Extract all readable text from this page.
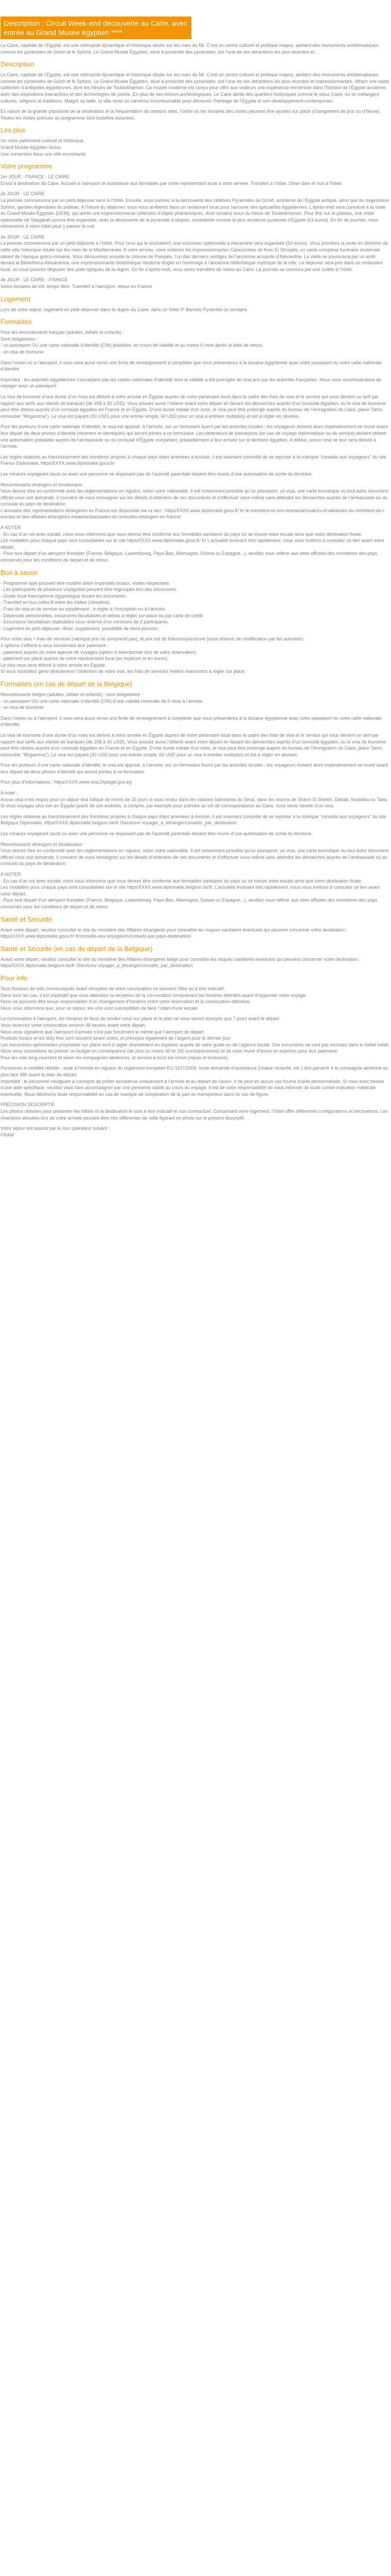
Description : Circuit Week-end découverte au Caire, avec entrée au Grand Musée égyptien ****
Le Caire, capitale de l’Égypte, est une métropole dynamique et historique située sur les rives du Nil. C’est un centre culturel et politique majeur, abritant des monuments emblématiques comme les pyramides de Gizeh et le Sphinx. Le Grand Musée Égyptien, situé à proximité des pyramides, est l’une de ses attractions les plus récentes et...
Description
Le Caire, capitale de l’Égypte, est une métropole dynamique et historique située sur les rives du Nil. C’est un centre culturel et politique majeur, abritant des monuments emblématiques comme les pyramides de Gizeh et le Sphinx. Le Grand Musée Égyptien, situé à proximité des pyramides, est l’une de ses attractions les plus récentes et impressionnantes, offrant une vaste collection d’antiquités égyptiennes, dont les trésors de Toutânkhamon. Ce musée moderne est conçu pour offrir aux visiteurs une expérience immersive dans l’histoire de l’Égypte ancienne, avec des expositions interactives et des technologies de pointe. En plus de ses trésors archéologiques, Le Caire abrite des quartiers historiques comme le vieux Caire, ou se mélangent cultures, religions et traditions. Malgré sa taille, la ville reste un carrefour incontournable pour découvrir l’héritage de l’Égypte et son développement contemporain.
En raison de la grande popularité de la destination et la fréquentation de certains sites, l’ordre ou les horaires des visites peuvent être ajustés sur place (changement de jour ou d’heure). Toutes les visites prévues au programme sont toutefois assurées.
Les plus
Un riche patrimoine culturel et historique
Grand Musée égyptien inclus
Une immersion dans une ville envoûtante
Votre programme
1er JOUR : FRANCE - LE CAIRE
Envol à destination du Caire. Accueil à l’aéroport et assistance aux formalités par notre représentant local à votre arrivée. Transfert à l’hôtel. Dîner libre et nuit à l’hôtel.
2e JOUR : LE CAIRE
La journée commencera par un petit-déjeuner servi à l’hôtel. Ensuite, vous partirez à la découverte des célèbres Pyramides de Gizeh, emblème de l’Égypte antique, ainsi que du majestueux Sphinx, gardien légendaire du plateau. A l’heure du déjeuner, vous vous arrêterez dans un restaurant local pour savourer des spécialités égyptiennes. L’après-midi sera consacré à la visite du Grand Musée Égyptien (GEM), qui abrite une impressionnante collection d’objets pharaoniques, dont certains issus du trésor de Toutankhamon. Pour finir sur le plateau, une visite optionnelle de Saqqarah pourra être organisée, avec la découverte de la pyramide à degrés, considérée comme la plus ancienne pyramide d’Egypte (63 euros). En fin de journée, vous retournerez à votre hôtel pour y passer la nuit.
3e JOUR : LE CAIRE
La journée commencera par un petit-déjeuner à l’hôtel. Pour ceux qui le souhaitent, une excursion optionnelle à Alexandrie sera organisée (53 euros). Vous prendrez la route en direction de cette ville historique située sur les rives de la Méditerranée. A votre arrivée, vous visiterez les impressionnantes Catacombes de Kom El Shoqafa, un vaste complexe funéraire souterrain datant de l’époque gréco-romaine. Vous découvrirez ensuite la colonne de Pompée, l’un des derniers vestiges de l’ancienne acropole d’Alexandrie. La visite se poursuivra par un arrêt devant la Bibliotheca Alexandrina, une impressionnante bibliothèque moderne érigée en hommage à l’ancienne bibliothèque mythique de la ville. Le déjeuner sera pris dans un restaurant local, où vous pourrez déguster des plats typiques de la région. En fin d’après-midi, vous serez transféré de retour au Caire. La journée se conclura par une nuitée à l’hôtel.
4e JOUR : LE CAIRE - FRANCE
Selon horaires de vol, temps libre. Transfert à l’aéroport, retour en France.
Logement
Lors de votre séjour, logement en petit-déjeuner dans la région du Caire, dans un hôtel 4* Barcelo Pyramids ou similaire.
Formalités
Pour les ressortissants français (adultes, bébés et enfants) :
Sont obligatoires :
- un passeport OU une carte nationale d’identité (CNI) plastifiée, en cours de validité et au moins 6 mois après la date de retour,
- un visa de tourisme
Dans l’onion où a l’aéroport, il vous sera aussi remis une fiche de renseignement à compléter que vous présenterez à la douane égyptienne avec votre passeport ou votre carte nationale d’identité.
Important : les autorités égyptiennes n’acceptent pas les cartes nationales d’identité dont la validité a été prorogée de cinq ans par les autorités françaises. Nous vous recommandons de voyager avec un passeport.
Le visa de tourisme d’une durée d’un mois est délivré à votre arrivée en Égypte auprès de notre partenaire local dans le cadre des frais de visa et le service qui vous dévient un tarif par rapport aux tarifs aux stands de banques (de 25$ à 30 USD). Vous pouvez aussi l’obtenir avant votre départ en faisant les démarches auprès d’un consulat égyptien, ou le visa de tourisme peut être obtenu auprès d’un consulat égyptien en France et en Égypte. D’une durée initiale d’un mois, le visa peut être prolongé auprès du bureau de l’Immigration du Caire, place Tahrir, immeuble "Mogamma"). Le visa est payant (30 USD) pour une entrée simple, 60 USD pour un visa à entrées multiples) et est à régler en devises.
Pour les porteurs d’une carte nationale d’identité, le visa est apposé, à l’arrivée, sur un formulaire fourni par les autorités locales ; les voyageurs doivent alors impérativement se munir avant leur départ de deux photos d’identité (récentes et identiques) qui seront jointes à ce formulaire. Les détenteurs de passeports (en cas de voyage diplomatique ou de service) doivent obtenir une autorisation préalable auprès de l’ambassade ou du consulat d’Égypte compétent, préalablement à leur arrivée sur le territoire égyptien. A défaut, aucun visa ne leur sera délivré à l’arrivée.
Les règles relatives au franchissement des frontières propres à chaque pays étant amenées à évoluer, il est vivement conseillé de se reporter à la rubrique "conseils aux voyageurs" du site France Diplomatie, https/XXXX.www.diplomatie.gouv.fr/
Les mineurs voyageant seuls ou avec une personne ne disposant pas de l’autorité parentale doivent être munis d’une autorisation de sortie du territoire.
Ressortissants étrangers et binationaux :
Vous devrez être en conformité avec les réglementations en vigueur, selon votre nationalité. Il est notamment possible qu’un passeport, un visa, une carte touristique ou tout autre document officiel vous soit demandé. Il convient de vous renseigner sur les détails d’obtention de ces documents et d’effectuer vous-même sans attendre les démarches auprès de l’ambassade ou du consulat du pays de destination.
L’annuaire des représentations étrangères en France est disponible via ce lien : https/XXXX.www.diplomatie.gouv.fr/ fr/ le-ministere-et-son-reseau/annuaires-et-adresses-du-ministere-de-l-europe-et-des-affaires-etrangeres-meae/ambassades-et-consulats-etrangers-en-france/
A NOTER
- En cas d’un vol avec escale, nous vous informons que vous devrez être conforme aux formalités sanitaires du pays où se trouve votre escale ainsi que votre destination finale.
Les modalités pour chaque pays sont consultables sur le site https/XXXX.www.diplomatie.gouv.fr/ fr/ L’actualité évoluant très rapidement, nous vous invitons à consulter ce lien avant votre départ.
- Pour tout départ d’un aéroport frontalier (France, Belgique, Luxembourg, Pays-Bas, Allemagne, Suisse ou Espagne...), veuillez vous référer aux sites officiels des ministères des pays concernés pour les conditions de départ et de retour.
Bon à savoir
- Programme type pouvant être modifié selon impératifs locaux, visites respectées.
- Les participants de plusieurs voyagistes peuvent être regroupés lors des excursions.
- Guide local francophone égyptologue durant les excursions.
- Transfert en bus collectif entre les visites (climatisé).
- Frais de visa et de service ou supplément : à régler à l’inscription ou à l’arrivée.
- Dépenses personnelles, excursions facultatives et extras à régler sur place ou par carte de crédit.
- Excursions facultatives réalisables sous réserve d’un minimum de 2 participants.
- Logement en petit-déjeuner, dîner, supplément, possibilité de demi-pension.
Pour votre visa + frais de services (rabrique prix ne comprend pas), le prix est de 60euros/personne (sous réserve de modification par les autorités).
2 options s’offrent à vous concernant leur paiement :
- paiement auprès de votre agence de voyages (option d sélectionner lors de votre réservation)
- paiement sur place auprès de notre représentant local (en espèces et en euros).
Le visa vous sera délivré à votre arrivée en Égypte.
Si vous souhaitez gérer directement l’obtention de votre visa, les frais de services restent néanmoins à régler sur place.
Formalités (en cas de départ de la Belgique)
Ressortissants belges (adultes, bébés et enfants) : sont obligatoires :
- un passeport OU une carte nationale d’identité (CNI) d’une validité minimale de 6 mois à l’arrivée
- un visa de tourisme
Dans l’onion ou à l’aéroport, il vous sera aussi remis une fiche de renseignement à compléter que vous présenterez à la douane égyptienne avec votre passeport ou votre carte nationale d’identité.
Le visa de tourisme d’une durée d’un mois est délivré à votre arrivée en Égypte auprès de notre partenaire local dans le cadre des frais de visa et le service qui vous dévient un tarif par rapport aux tarifs aux stands de banques (de 25$ à 30 USD). Vous pouvez aussi l’obtenir avant votre départ en faisant les démarches auprès d’un consulat égyptien, ou le visa de tourisme peut être obtenu auprès d’un consulat égyptien en France et en Égypte. D’une durée initiale d’un mois, le visa peut être prolongé auprès du bureau de l’Immigration du Caire, place Tahrir, immeuble "Mogamma"). Le visa est payant (30 USD pour une entrée simple, 60 USD pour un visa à entrées multiples) et est à régler en devises.
Pour les porteurs d’une carte nationale d’identité, le visa est apposé, à l’arrivée, sur un formulaire fourni par les autorités locales ; les voyageurs doivent alors impérativement se munir avant leur départ de deux photos d’identité qui seront jointes à ce formulaire.
Pour plus d’informations : https/XXXX.www.visa.Diplogel.gov.eg
A noter :
Aucun visa n’est requis pour un séjour tout Infique de moins de 15 jours si vous restez dans les stations balnéaires du Sinaï, dans les resorts de Sharm El Sheikh, Dahab, Nuweiba ou Taba.
Si vous voyagez plus loin en Égypte (partir de ces endroits, à compris, par exemple pour prendre un vol de correspondance au Caire, vous serez besoin d’un visa.
Les règles relatives au franchissement des frontières propres à chaque pays étant amenées à évoluer, il est vivement conseillé de se reporter à la rubrique "conseils aux voyageurs" du site Belgique Diplomatie, https/XXXX.diplomatie.belgium.be/fr /Services/ voyager_a_letranger/conseils_par_destination
Les mineurs voyageant seuls ou avec une personne ne disposant pas de l’autorité parentale doivent être munis d’une autorisation de sortie du territoire.
Ressortissants étrangers et binationaux :
Vous devrez être en conformité avec les réglementations en vigueur, selon votre nationalité. Il est notamment possible qu’un passeport, un visa, une carte touristique ou tout autre document officiel vous soit demandé. Il convient de vous renseigner sur les détails d’obtention de ces documents et d’effectuer vous-même sans attendre les démarches auprès de l’ambassade ou du consulat du pays de destination.
A NOTER
- En cas d’un vol avec escale, nous vous informons que vous devrez être conforme aux formalités sanitaires du pays où se trouve votre escale ainsi que votre destination finale.
Les modalités pour chaque pays sont consultables sur le site https/XXXX.www.diplomatie.belgium.be/fr. L’actualité évoluant très rapidement, nous vous invitons à consulter ce lien avant votre départ.
- Pour tout départ d’un aéroport frontalier (France, Belgique, Luxembourg, Pays-Bas, Allemagne, Suisse ou Espagne...), veuillez vous référer aux sites officiels des ministères des pays concernés pour les conditions de départ et de retour.
Santé et Sécurité
Avant votre départ, veuillez consulter le site du ministère des Affaires étrangères pour connaître les risques sanitaires éventuels qui peuvent concerner votre destination : https/XXXX.www.diplomatie.gouv.fr/ fr/conseils-aux-voyageurs/conseils-par-pays-destination/
Santé et Sécurité (en cas de départ de la Belgique)
Avant votre départ, veuillez consulter le site du ministère des Affaires étrangères belge pour connaître les risques sanitaires éventuels qui peuvent concerner votre destination : https/XXXX.diplomatie.belgium.be/fr /Services/ voyager_a_letranger/conseils_par_destination
Pour info
Tous horaires de vols communiqués avant réception de votre convocation ne peuvent l’être qu’à titre indicatif.
Dans tous les cas, il est impératif que vous attendiez la réception de la convocation comprenant les horaires définitifs avant d’organiser votre voyage.
Nous ne pouvons être tenus responsables d’un changement d’horaires entre votre réservation et la convocation définitive.
Nous vous informons que, pour ce séjour, les vols sont susceptibles de faire l’objet d’une escale.
La convocation à l’aéroport, les horaires et lieux de rendez-vous sur place et le plan ne vous seront envoyés que 7 jours avant le départ.
Vous recevrez votre convocation environ 48 heures avant votre départ.
Nous vous signalons que l’aéroport d’arrivée n’est pas forcément le même que l’aéroport de départ.
Produits locaux et les duty free sont souvent assez chers, et prévoyez également de l’argent pour le dernier jour.
Les excursions optionnelles proposées sur place sont à régler directement en espèces auprès de votre guide ou de l’agence locale. Ces excursions ne sont pas incluses dans le forfait initial. Nous vous conseillons de prévoir un budget en conséquence (de plus ou moins 40 et 150 euros/personne) et de vous munir d’euros en espèces pour leur paiement.
Pour les vols long-courriers et selon les compagnies aériennes, le service à bord est inclus (repas et boissons).
Personnes à mobilité réduite : suite à l’entrée en vigueur du règlement européen EU 1107/2006, toute demande d’assistance (chaise roulante, etc.) doit parvenir à la compagnie aérienne au plus tard 48h avant la date de départ.
Important : le personnel naviguant a consigne de prêter assistance uniquement à l’arrivée et au départ de l’avion, il ne peut en aucun cas fournir d’aide personnalisée. Si vous avez besoin d’une aide spécifique, veuillez vous faire accompagner par une personne valide au cours du voyage. Il est de votre responsabilité de nous informer de toute contre-indication médicale éventuelle. Nous déclinons toute responsabilité en cas de manque de coopération de la part du transporteur dans ce cas de figure.
PRÉCISION DESCRIPTIF
Les photos utilisées pour présenter les hôtels et la destination le sont à titre indicatif et non contractuel. Concernant votre logement, l’hôtel offre différentes configurations et décorations. Les chambres allouées lors de votre arrivée peuvent être très différentes de celle figurant en photo sur le présent descriptif.
Votre séjour est assuré par le tour opérateur suivant :
FRAM
